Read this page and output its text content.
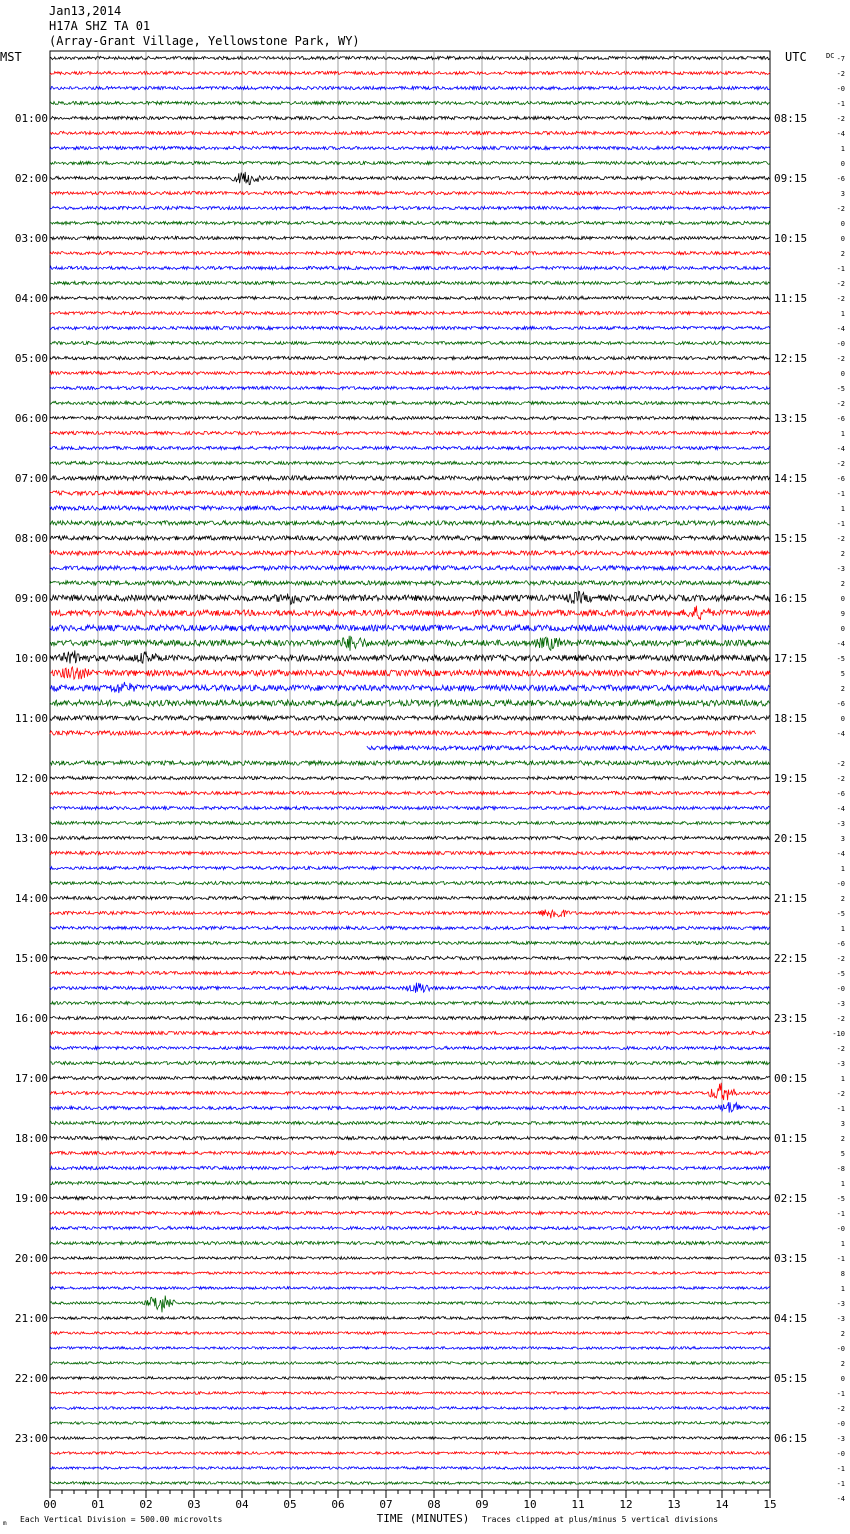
Jan13,2014
H17A SHZ TA 01
(Array-Grant Village, Yellowstone Park, WY)
MST	UTC
01:00
02:00
03:00
04:00
05:00
06:00
07:00
08:00
09:00
10:00
11:00
12:00
13:00
14:00
15:00
16:00
17:00
18:00
19:00
20:00
21:00
22:00
23:00
08:15
09:15
10:15
11:15
12:15
13:15
14:15
15:15
16:15
17:15
18:15
19:15
20:15
21:15
22:15
23:15
00:15
01:15
02:15
03:15
04:15
05:15
06:15
DC -7
-2
-0
-1
-2
-4
1
0
-6
3
-2
0
0
2
-1
-2
-2
1
-4
-0
-2
0
-5
-2
-6
1
-4
-2
-6
-1
1
-1
-2
2
-3
2
0
9
0
-4
-5
5
2
-6
0
-4
-2
-2
-6
-4
-3
3
-4
1
-0
2
-5
1
-6
-2
-5
-0
-3
-2
-10
-2
-3
1
-2
-1
3
2
5
-8
1
-5
-1
-0
1
-1
8
1
-3
-3
2
-0
2
0
-1
-2
-0
-3
-0
-1
-1
-4
00	01	02	03	04	05	06	07	08	09	10	11	12	13	14	15
Each Vertical Division = 500.00 microvolts
m	TIME (MINUTES) Traces clipped at plus/minus 5 vertical divisions
